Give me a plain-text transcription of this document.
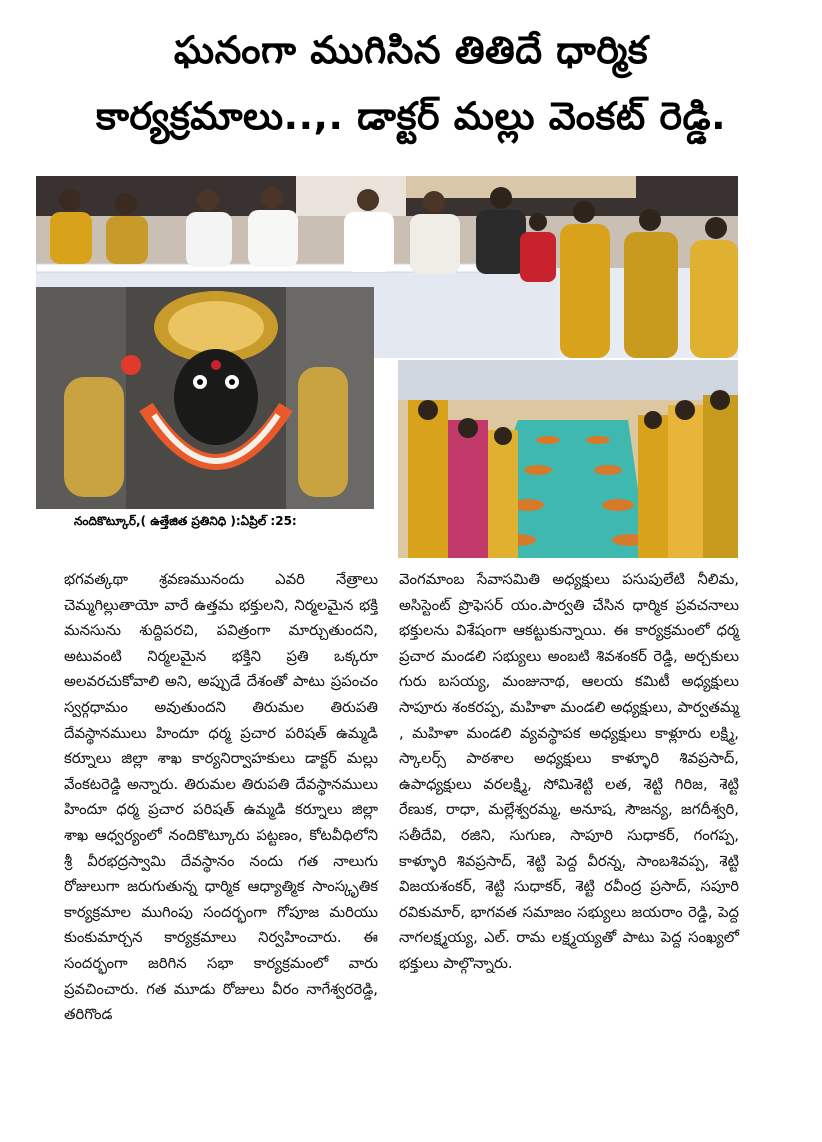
ఘనంగా ముగిసిన తితిదే ధార్మిక
కార్యక్రమాలు..,. డాక్టర్ మల్లు వెంకట్ రెడ్డి.
నందికొట్కూర్,( ఉత్తేజిత ప్రతినిధి ):ఏప్రిల్ :25:

భగవత్కథా శ్రవణమునందు ఎవరి నేత్రాలు చెమ్మగిల్లుతాయో వారే ఉత్తమ భక్తులని, నిర్మలమైన భక్తి మనసును శుద్దిపరచి, పవిత్రంగా మార్చుతుందని, అటువంటి నిర్మలమైన భక్తిని ప్రతి ఒక్కరూ అలవరచుకోవాలి అని, అప్పుడే దేశంతో పాటు ప్రపంచం స్వర్గధామం అవుతుందని తిరుమల తిరుపతి దేవస్థానములు హిందూ ధర్మ ప్రచార పరిషత్ ఉమ్మడి కర్నూలు జిల్లా శాఖ కార్యనిర్వాహకులు డాక్టర్ మల్లు వేంకటరెడ్డి అన్నారు. తిరుమల తిరుపతి దేవస్థానములు హిందూ ధర్మ ప్రచార పరిషత్ ఉమ్మడి కర్నూలు జిల్లా శాఖ ఆధ్వర్యంలో నందికొట్కూరు పట్టణం, కోటవీధిలోని శ్రీ వీరభద్రస్వామి దేవస్థానం నందు గత నాలుగు రోజులుగా జరుగుతున్న ధార్మిక ఆధ్యాత్మిక సాంస్కృతిక కార్యక్రమాల ముగింపు సందర్భంగా గోపూజ మరియు కుంకుమార్చన కార్యక్రమాలు నిర్వహించారు. ఈ సందర్భంగా జరిగిన సభా కార్యక్రమంలో వారు ప్రవచించారు. గత మూడు రోజులు వీరం నాగేశ్వరరెడ్డి, తరిగొండ

వెంగమాంబ సేవాసమితి అధ్యక్షులు పసుపులేటి నీలిమ, అసిస్టెంట్ ప్రొఫెసర్ యం.పార్వతి చేసిన ధార్మిక ప్రవచనాలు భక్తులను విశేషంగా ఆకట్టుకున్నాయి. ఈ కార్యక్రమంలో ధర్మ ప్రచార మండలి సభ్యులు అంబటి శివశంకర్ రెడ్డి, అర్చకులు గురు బసయ్య, మంజునాథ, ఆలయ కమిటీ అధ్యక్షులు సాపూరు శంకరప్ప, మహిళా మండలి అధ్యక్షులు, పార్వతమ్మ , మహిళా మండలి వ్యవస్థాపక అధ్యక్షులు కాళ్లూరు లక్ష్మి, స్కాలర్స్ పాఠశాల అధ్యక్షులు కాళ్ళూరి శివప్రసాద్, ఉపాధ్యక్షులు వరలక్ష్మి, సోమిశెట్టి లత, శెట్టి గిరిజ, శెట్టి రేణుక, రాధా, మల్లేశ్వరమ్మ, అనూష, సౌజన్య, జగదీశ్వరి, సతీదేవి, రజిని, సుగుణ, సాపూరి సుధాకర్, గంగప్ప, కాళ్ళూరి శివప్రసాద్, శెట్టి పెద్ద వీరన్న, సాంబశివప్ప, శెట్టి విజయశంకర్, శెట్టి సుధాకర్, శెట్టి రవీంద్ర ప్రసాద్, సపూరి రవికుమార్, భాగవత సమాజం సభ్యులు జయరాం రెడ్డి, పెద్ద నాగలక్ష్మయ్య, ఎల్. రామ లక్ష్మయ్యతో పాటు పెద్ద సంఖ్యలో భక్తులు పాల్గొన్నారు.
